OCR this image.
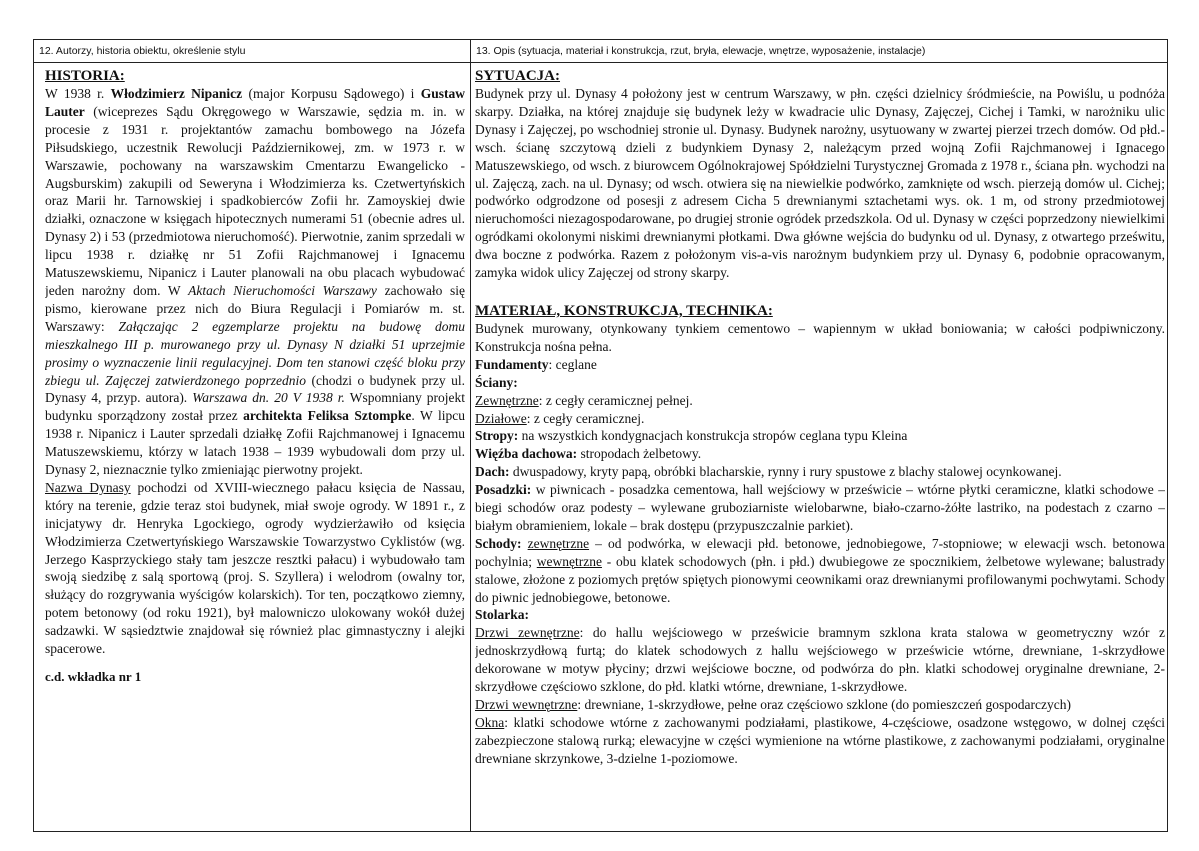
12. Autorzy, historia obiektu, określenie stylu	13. Opis (sytuacja, materiał i konstrukcja, rzut, bryła, elewacje, wnętrze, wyposażenie, instalacje)
HISTORIA:

W 1938 r. Włodzimierz Nipanicz (major Korpusu Sądowego) i Gustaw Lauter (wiceprezes Sądu Okręgowego w Warszawie, sędzia m. in. w procesie z 1931 r. projektantów zamachu bombowego na Józefa Piłsudskiego, uczestnik Rewolucji Październikowej, zm. w 1973 r. w Warszawie, pochowany na warszawskim Cmentarzu Ewangelicko - Augsburskim) zakupili od Seweryna i Włodzimierza ks. Czetwertyńskich oraz Marii hr. Tarnowskiej i spadkobierców Zofii hr. Zamoyskiej dwie działki, oznaczone w księgach hipotecznych numerami 51 (obecnie adres ul. Dynasy 2) i 53 (przedmiotowa nieruchomość). Pierwotnie, zanim sprzedali w lipcu 1938 r. działkę nr 51 Zofii Rajchmanowej i Ignacemu Matuszewskiemu, Nipanicz i Lauter planowali na obu placach wybudować jeden narożny dom. W Aktach Nieruchomości Warszawy zachowało się pismo, kierowane przez nich do Biura Regulacji i Pomiarów m. st. Warszawy: Załączając 2 egzemplarze projektu na budowę domu mieszkalnego III p. murowanego przy ul. Dynasy N działki 51 uprzejmie prosimy o wyznaczenie linii regulacyjnej. Dom ten stanowi część bloku przy zbiegu ul. Zajęczej zatwierdzonego poprzednio (chodzi o budynek przy ul. Dynasy 4, przyp. autora). Warszawa dn. 20 V 1938 r. Wspomniany projekt budynku sporządzony został przez architekta Feliksa Sztompke. W lipcu 1938 r. Nipanicz i Lauter sprzedali działkę Zofii Rajchmanowej i Ignacemu Matuszewskiemu, którzy w latach 1938 – 1939 wybudowali dom przy ul. Dynasy 2, nieznacznie tylko zmieniając pierwotny projekt.

Nazwa Dynasy pochodzi od XVIII-wiecznego pałacu księcia de Nassau, który na terenie, gdzie teraz stoi budynek, miał swoje ogrody. W 1891 r., z inicjatywy dr. Henryka Lgockiego, ogrody wydzierżawiło od księcia Włodzimierza Czetwertyńskiego Warszawskie Towarzystwo Cyklistów (wg. Jerzego Kasprzyckiego stały tam jeszcze resztki pałacu) i wybudowało tam swoją siedzibę z salą sportową (proj. S. Szyllera) i welodrom (owalny tor, służący do rozgrywania wyścigów kolarskich). Tor ten, początkowo ziemny, potem betonowy (od roku 1921), był malowniczo ulokowany wokół dużej sadzawki. W sąsiedztwie znajdował się również plac gimnastyczny i alejki spacerowe.

c.d. wkładka nr 1

SYTUACJA:

Budynek przy ul. Dynasy 4 położony jest w centrum Warszawy, w płn. części dzielnicy śródmieście, na Powiślu, u podnóża skarpy. Działka, na której znajduje się budynek leży w kwadracie ulic Dynasy, Zajęczej, Cichej i Tamki, w narożniku ulic Dynasy i Zajęczej, po wschodniej stronie ul. Dynasy. Budynek narożny, usytuowany w zwartej pierzei trzech domów. Od płd.-wsch. ścianę szczytową dzieli z budynkiem Dynasy 2, należącym przed wojną Zofii Rajchmanowej i Ignacego Matuszewskiego, od wsch. z biurowcem Ogólnokrajowej Spółdzielni Turystycznej Gromada z 1978 r., ściana płn. wychodzi na ul. Zajęczą, zach. na ul. Dynasy; od wsch. otwiera się na niewielkie podwórko, zamknięte od wsch. pierzeją domów ul. Cichej; podwórko odgrodzone od posesji z adresem Cicha 5 drewnianymi sztachetami wys. ok. 1 m, od strony przedmiotowej nieruchomości niezagospodarowane, po drugiej stronie ogródek przedszkola. Od ul. Dynasy w części poprzedzony niewielkimi ogródkami okolonymi niskimi drewnianymi płotkami. Dwa główne wejścia do budynku od ul. Dynasy, z otwartego prześwitu, dwa boczne z podwórka. Razem z położonym vis-a-vis narożnym budynkiem przy ul. Dynasy 6, podobnie opracowanym, zamyka widok ulicy Zajęczej od strony skarpy.

MATERIAŁ, KONSTRUKCJA, TECHNIKA:

Budynek murowany, otynkowany tynkiem cementowo – wapiennym w układ boniowania; w całości podpiwniczony. Konstrukcja nośna pełna.

Fundamenty: ceglane

Ściany:

Zewnętrzne: z cegły ceramicznej pełnej.

Działowe: z cegły ceramicznej.

Stropy: na wszystkich kondygnacjach konstrukcja stropów ceglana typu Kleina

Więźba dachowa: stropodach żelbetowy.

Dach: dwuspadowy, kryty papą, obróbki blacharskie, rynny i rury spustowe z blachy stalowej ocynkowanej.

Posadzki: w piwnicach - posadzka cementowa, hall wejściowy w prześwicie – wtórne płytki ceramiczne, klatki schodowe – biegi schodów oraz podesty – wylewane gruboziarniste wielobarwne, biało-czarno-żółte lastriko, na podestach z czarno – białym obramieniem, lokale – brak dostępu (przypuszczalnie parkiet).

Schody: zewnętrzne – od podwórka, w elewacji płd. betonowe, jednobiegowe, 7-stopniowe; w elewacji wsch. betonowa pochylnia; wewnętrzne - obu klatek schodowych (płn. i płd.) dwubiegowe ze spocznikiem, żelbetowe wylewane; balustrady stalowe, złożone z poziomych prętów spiętych pionowymi ceownikami oraz drewnianymi profilowanymi pochwytami. Schody do piwnic jednobiegowe, betonowe.

Stolarka:

Drzwi zewnętrzne: do hallu wejściowego w prześwicie bramnym szklona krata stalowa w geometryczny wzór z jednoskrzydłową furtą; do klatek schodowych z hallu wejściowego w prześwicie wtórne, drewniane, 1-skrzydłowe dekorowane w motyw płyciny; drzwi wejściowe boczne, od podwórza do płn. klatki schodowej oryginalne drewniane, 2-skrzydłowe częściowo szklone, do płd. klatki wtórne, drewniane, 1-skrzydłowe.

Drzwi wewnętrzne: drewniane, 1-skrzydłowe, pełne oraz częściowo szklone (do pomieszczeń gospodarczych)

Okna: klatki schodowe wtórne z zachowanymi podziałami, plastikowe, 4-częściowe, osadzone wstęgowo, w dolnej części zabezpieczone stalową rurką; elewacyjne w części wymienione na wtórne plastikowe, z zachowanymi podziałami, oryginalne drewniane skrzynkowe, 3-dzielne 1-poziomowe.
